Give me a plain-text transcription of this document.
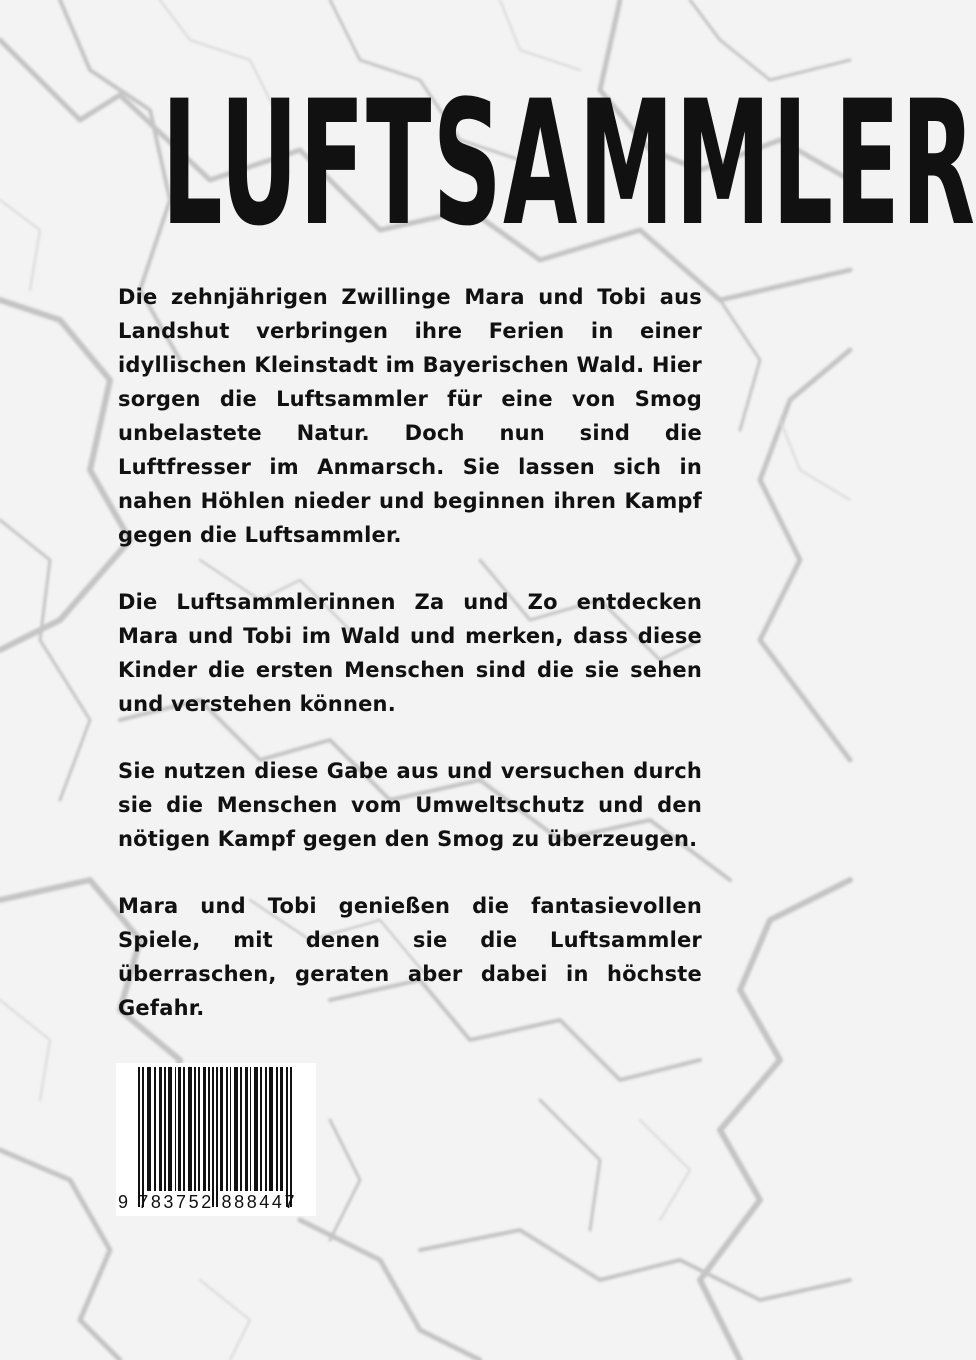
LUFTSAMMLER

Die zehnjährigen Zwillinge Mara und Tobi aus Landshut verbringen ihre Ferien in einer idyllischen Kleinstadt im Bayerischen Wald. Hier sorgen die Luftsammler für eine von Smog unbelastete Natur. Doch nun sind die Luftfresser im Anmarsch. Sie lassen sich in nahen Höhlen nieder und beginnen ihren Kampf gegen die Luftsammler.

Die Luftsammlerinnen Za und Zo entdecken Mara und Tobi im Wald und merken, dass diese Kinder die ersten Menschen sind die sie sehen und verstehen können.

Sie nutzen diese Gabe aus und versuchen durch sie die Menschen vom Umweltschutz und den nötigen Kampf gegen den Smog zu überzeugen.

Mara und Tobi genießen die fantasievollen Spiele, mit denen sie die Luftsammler überraschen, geraten aber dabei in höchste Gefahr.

9 783752 888447
